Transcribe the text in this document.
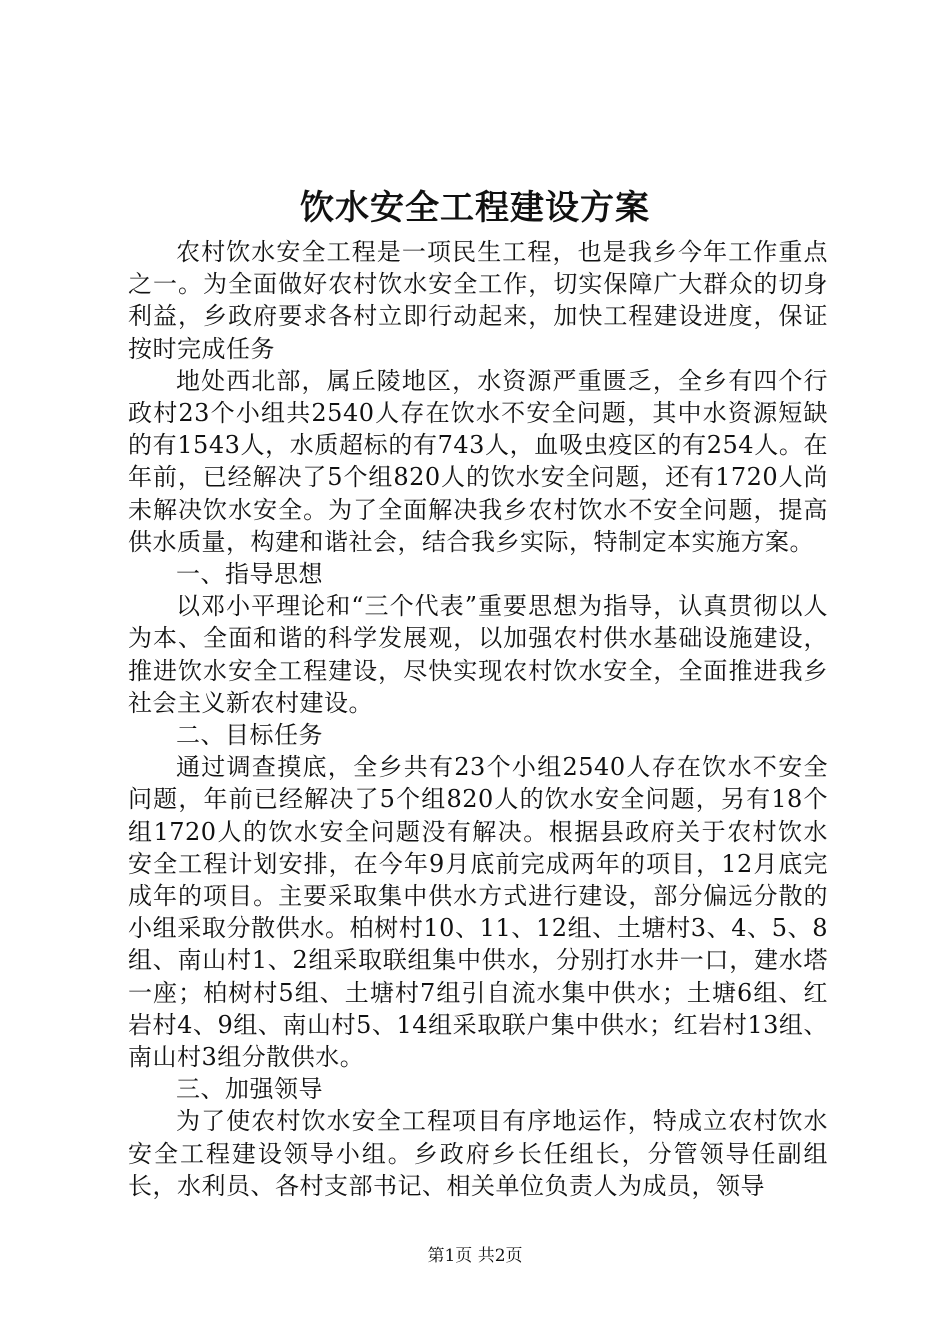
饮水安全工程建设方案

农村饮水安全工程是一项民生工程，也是我乡今年工作重点之一。为全面做好农村饮水安全工作，切实保障广大群众的切身利益，乡政府要求各村立即行动起来，加快工程建设进度，保证按时完成任务

地处西北部，属丘陵地区，水资源严重匮乏，全乡有四个行政村23个小组共2540人存在饮水不安全问题，其中水资源短缺的有1543人，水质超标的有743人，血吸虫疫区的有254人。在年前，已经解决了5个组820人的饮水安全问题，还有1720人尚未解决饮水安全。为了全面解决我乡农村饮水不安全问题，提高供水质量，构建和谐社会，结合我乡实际，特制定本实施方案。

一、指导思想

以邓小平理论和“三个代表”重要思想为指导，认真贯彻以人为本、全面和谐的科学发展观，以加强农村供水基础设施建设，推进饮水安全工程建设，尽快实现农村饮水安全，全面推进我乡社会主义新农村建设。

二、目标任务

通过调查摸底，全乡共有23个小组2540人存在饮水不安全问题，年前已经解决了5个组820人的饮水安全问题，另有18个组1720人的饮水安全问题没有解决。根据县政府关于农村饮水安全工程计划安排，在今年9月底前完成两年的项目，12月底完成年的项目。主要采取集中供水方式进行建设，部分偏远分散的小组采取分散供水。柏树村10、11、12组、土塘村3、4、5、8组、南山村1、2组采取联组集中供水，分别打水井一口，建水塔一座；柏树村5组、土塘村7组引自流水集中供水；土塘6组、红岩村4、9组、南山村5、14组采取联户集中供水；红岩村13组、南山村3组分散供水。

三、加强领导

为了使农村饮水安全工程项目有序地运作，特成立农村饮水安全工程建设领导小组。乡政府乡长任组长，分管领导任副组长，水利员、各村支部书记、相关单位负责人为成员，领导

第1页 共2页
